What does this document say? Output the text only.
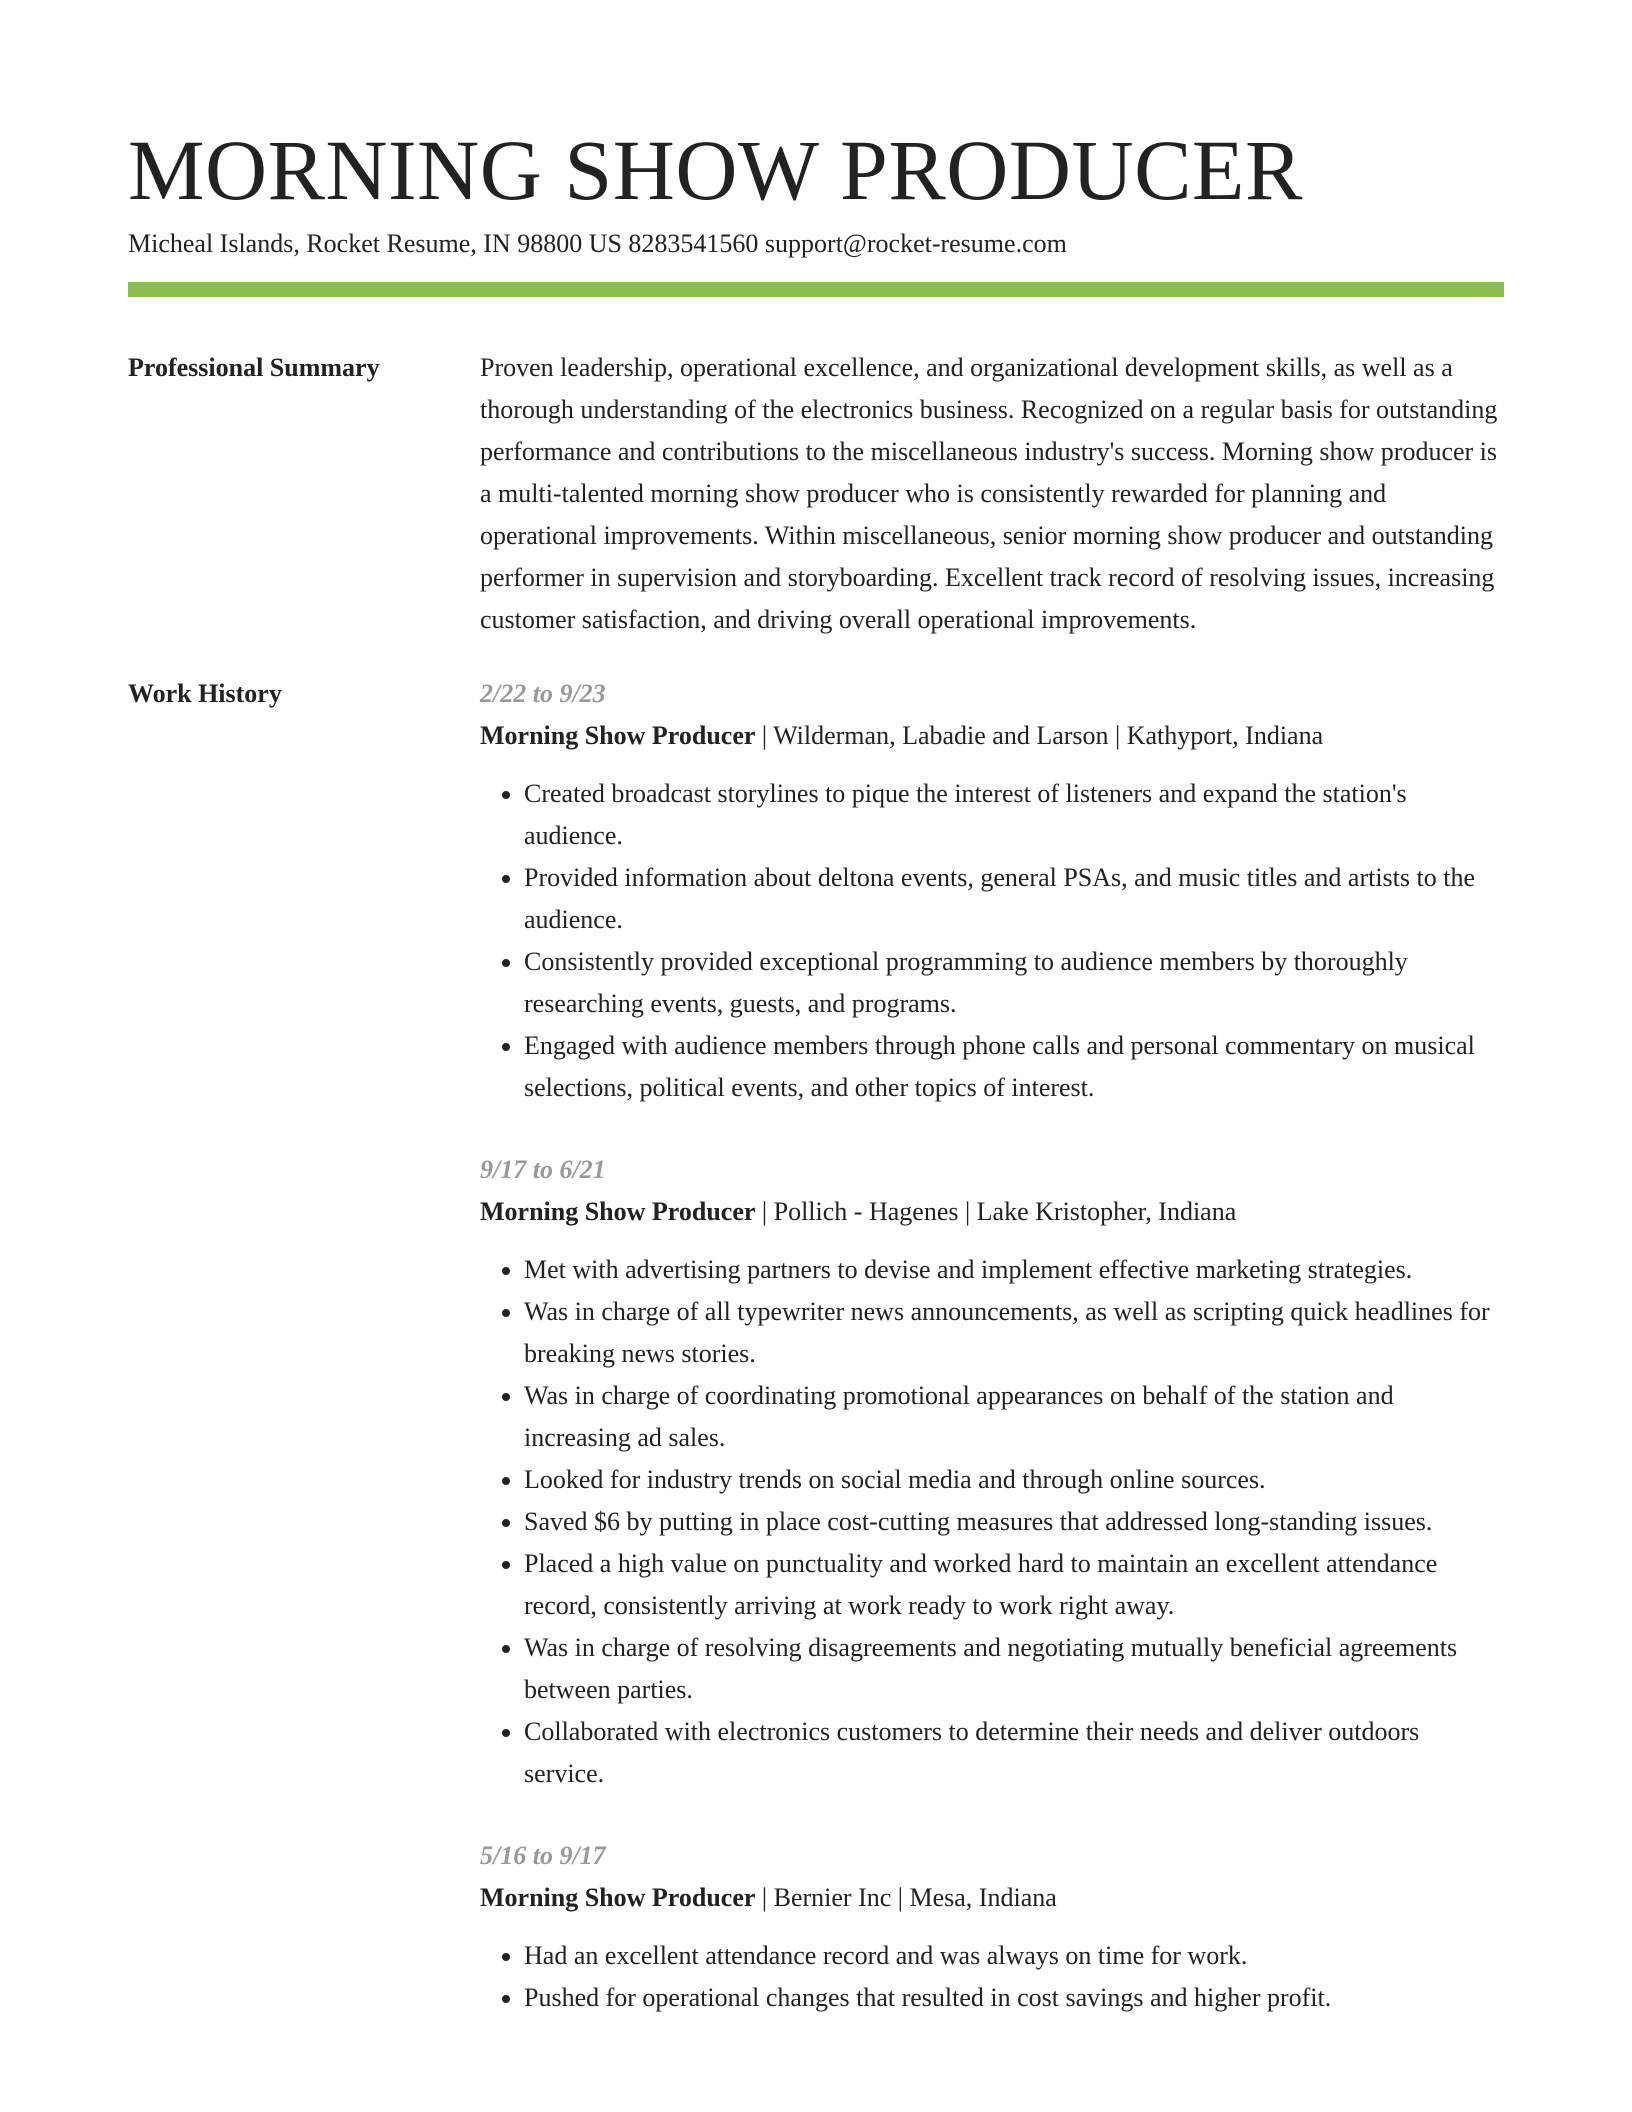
MORNING SHOW PRODUCER
Micheal Islands, Rocket Resume, IN 98800 US 8283541560 support@rocket-resume.com
Professional Summary	Proven leadership, operational excellence, and organizational development skills, as well as a thorough understanding of the electronics business. Recognized on a regular basis for outstanding performance and contributions to the miscellaneous industry's success. Morning show producer is a multi-talented morning show producer who is consistently rewarded for planning and operational improvements. Within miscellaneous, senior morning show producer and outstanding performer in supervision and storyboarding. Excellent track record of resolving issues, increasing customer satisfaction, and driving overall operational improvements.

Work History	2/22 to 9/23
Morning Show Producer | Wilderman, Labadie and Larson | Kathyport, Indiana
• Created broadcast storylines to pique the interest of listeners and expand the station's audience.
• Provided information about deltona events, general PSAs, and music titles and artists to the audience.
• Consistently provided exceptional programming to audience members by thoroughly researching events, guests, and programs.
• Engaged with audience members through phone calls and personal commentary on musical selections, political events, and other topics of interest.
9/17 to 6/21
Morning Show Producer | Pollich - Hagenes | Lake Kristopher, Indiana
• Met with advertising partners to devise and implement effective marketing strategies.
• Was in charge of all typewriter news announcements, as well as scripting quick headlines for breaking news stories.
• Was in charge of coordinating promotional appearances on behalf of the station and increasing ad sales.
• Looked for industry trends on social media and through online sources.
• Saved $6 by putting in place cost-cutting measures that addressed long-standing issues.
• Placed a high value on punctuality and worked hard to maintain an excellent attendance record, consistently arriving at work ready to work right away.
• Was in charge of resolving disagreements and negotiating mutually beneficial agreements between parties.
• Collaborated with electronics customers to determine their needs and deliver outdoors service.
5/16 to 9/17
Morning Show Producer | Bernier Inc | Mesa, Indiana
• Had an excellent attendance record and was always on time for work.
• Pushed for operational changes that resulted in cost savings and higher profit.
